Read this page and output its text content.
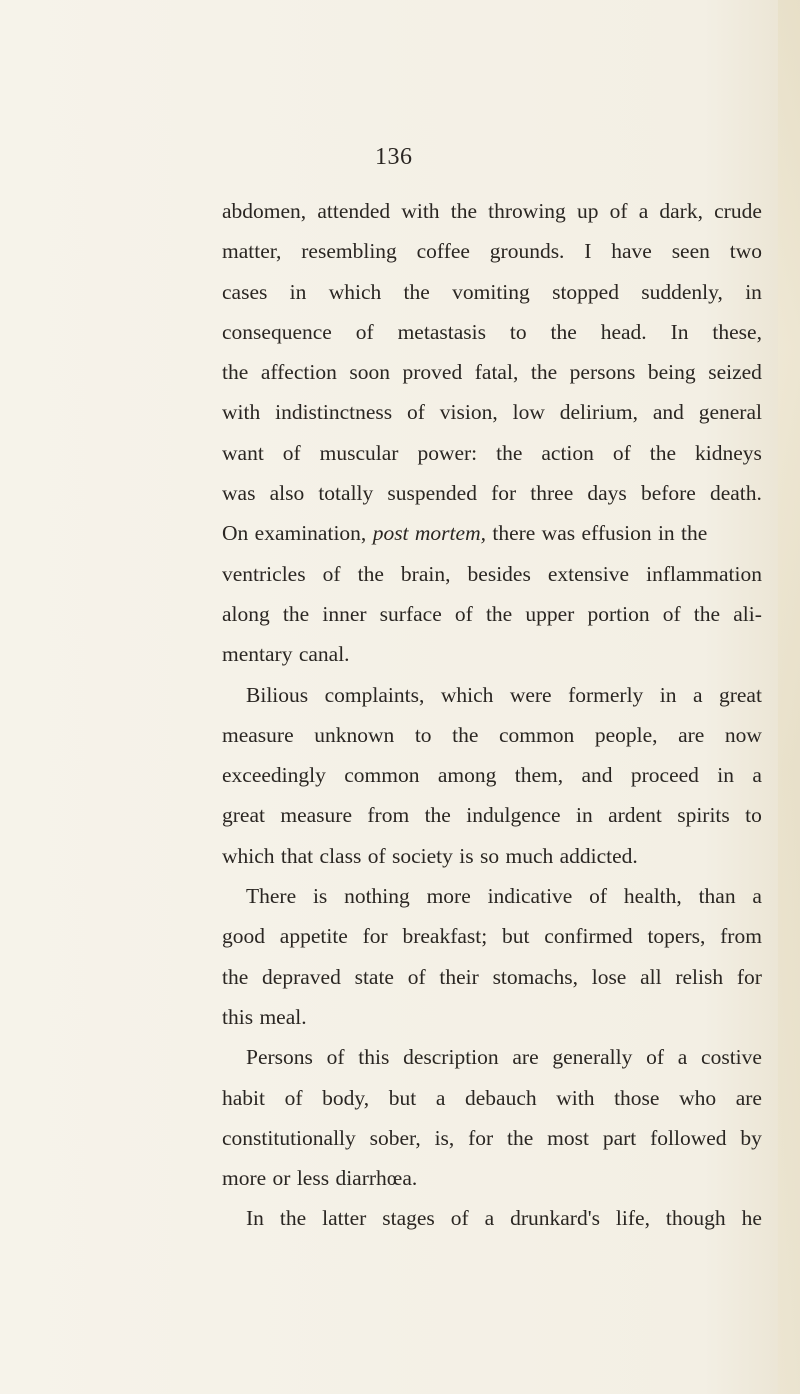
136
abdomen, attended with the throwing up of a dark, crude
matter, resembling coffee grounds. I have seen two
cases in which the vomiting stopped suddenly, in
consequence of metastasis to the head. In these,
the affection soon proved fatal, the persons being seized
with indistinctness of vision, low delirium, and general
want of muscular power: the action of the kidneys
was also totally suspended for three days before death.
On examination, post mortem, there was effusion in the
ventricles of the brain, besides extensive inflammation
along the inner surface of the upper portion of the ali-
mentary canal.
Bilious complaints, which were formerly in a great
measure unknown to the common people, are now
exceedingly common among them, and proceed in a
great measure from the indulgence in ardent spirits to
which that class of society is so much addicted.
There is nothing more indicative of health, than a
good appetite for breakfast; but confirmed topers, from
the depraved state of their stomachs, lose all relish for
this meal.
Persons of this description are generally of a costive
habit of body, but a debauch with those who are
constitutionally sober, is, for the most part followed by
more or less diarrhœa.
In the latter stages of a drunkard's life, though he
